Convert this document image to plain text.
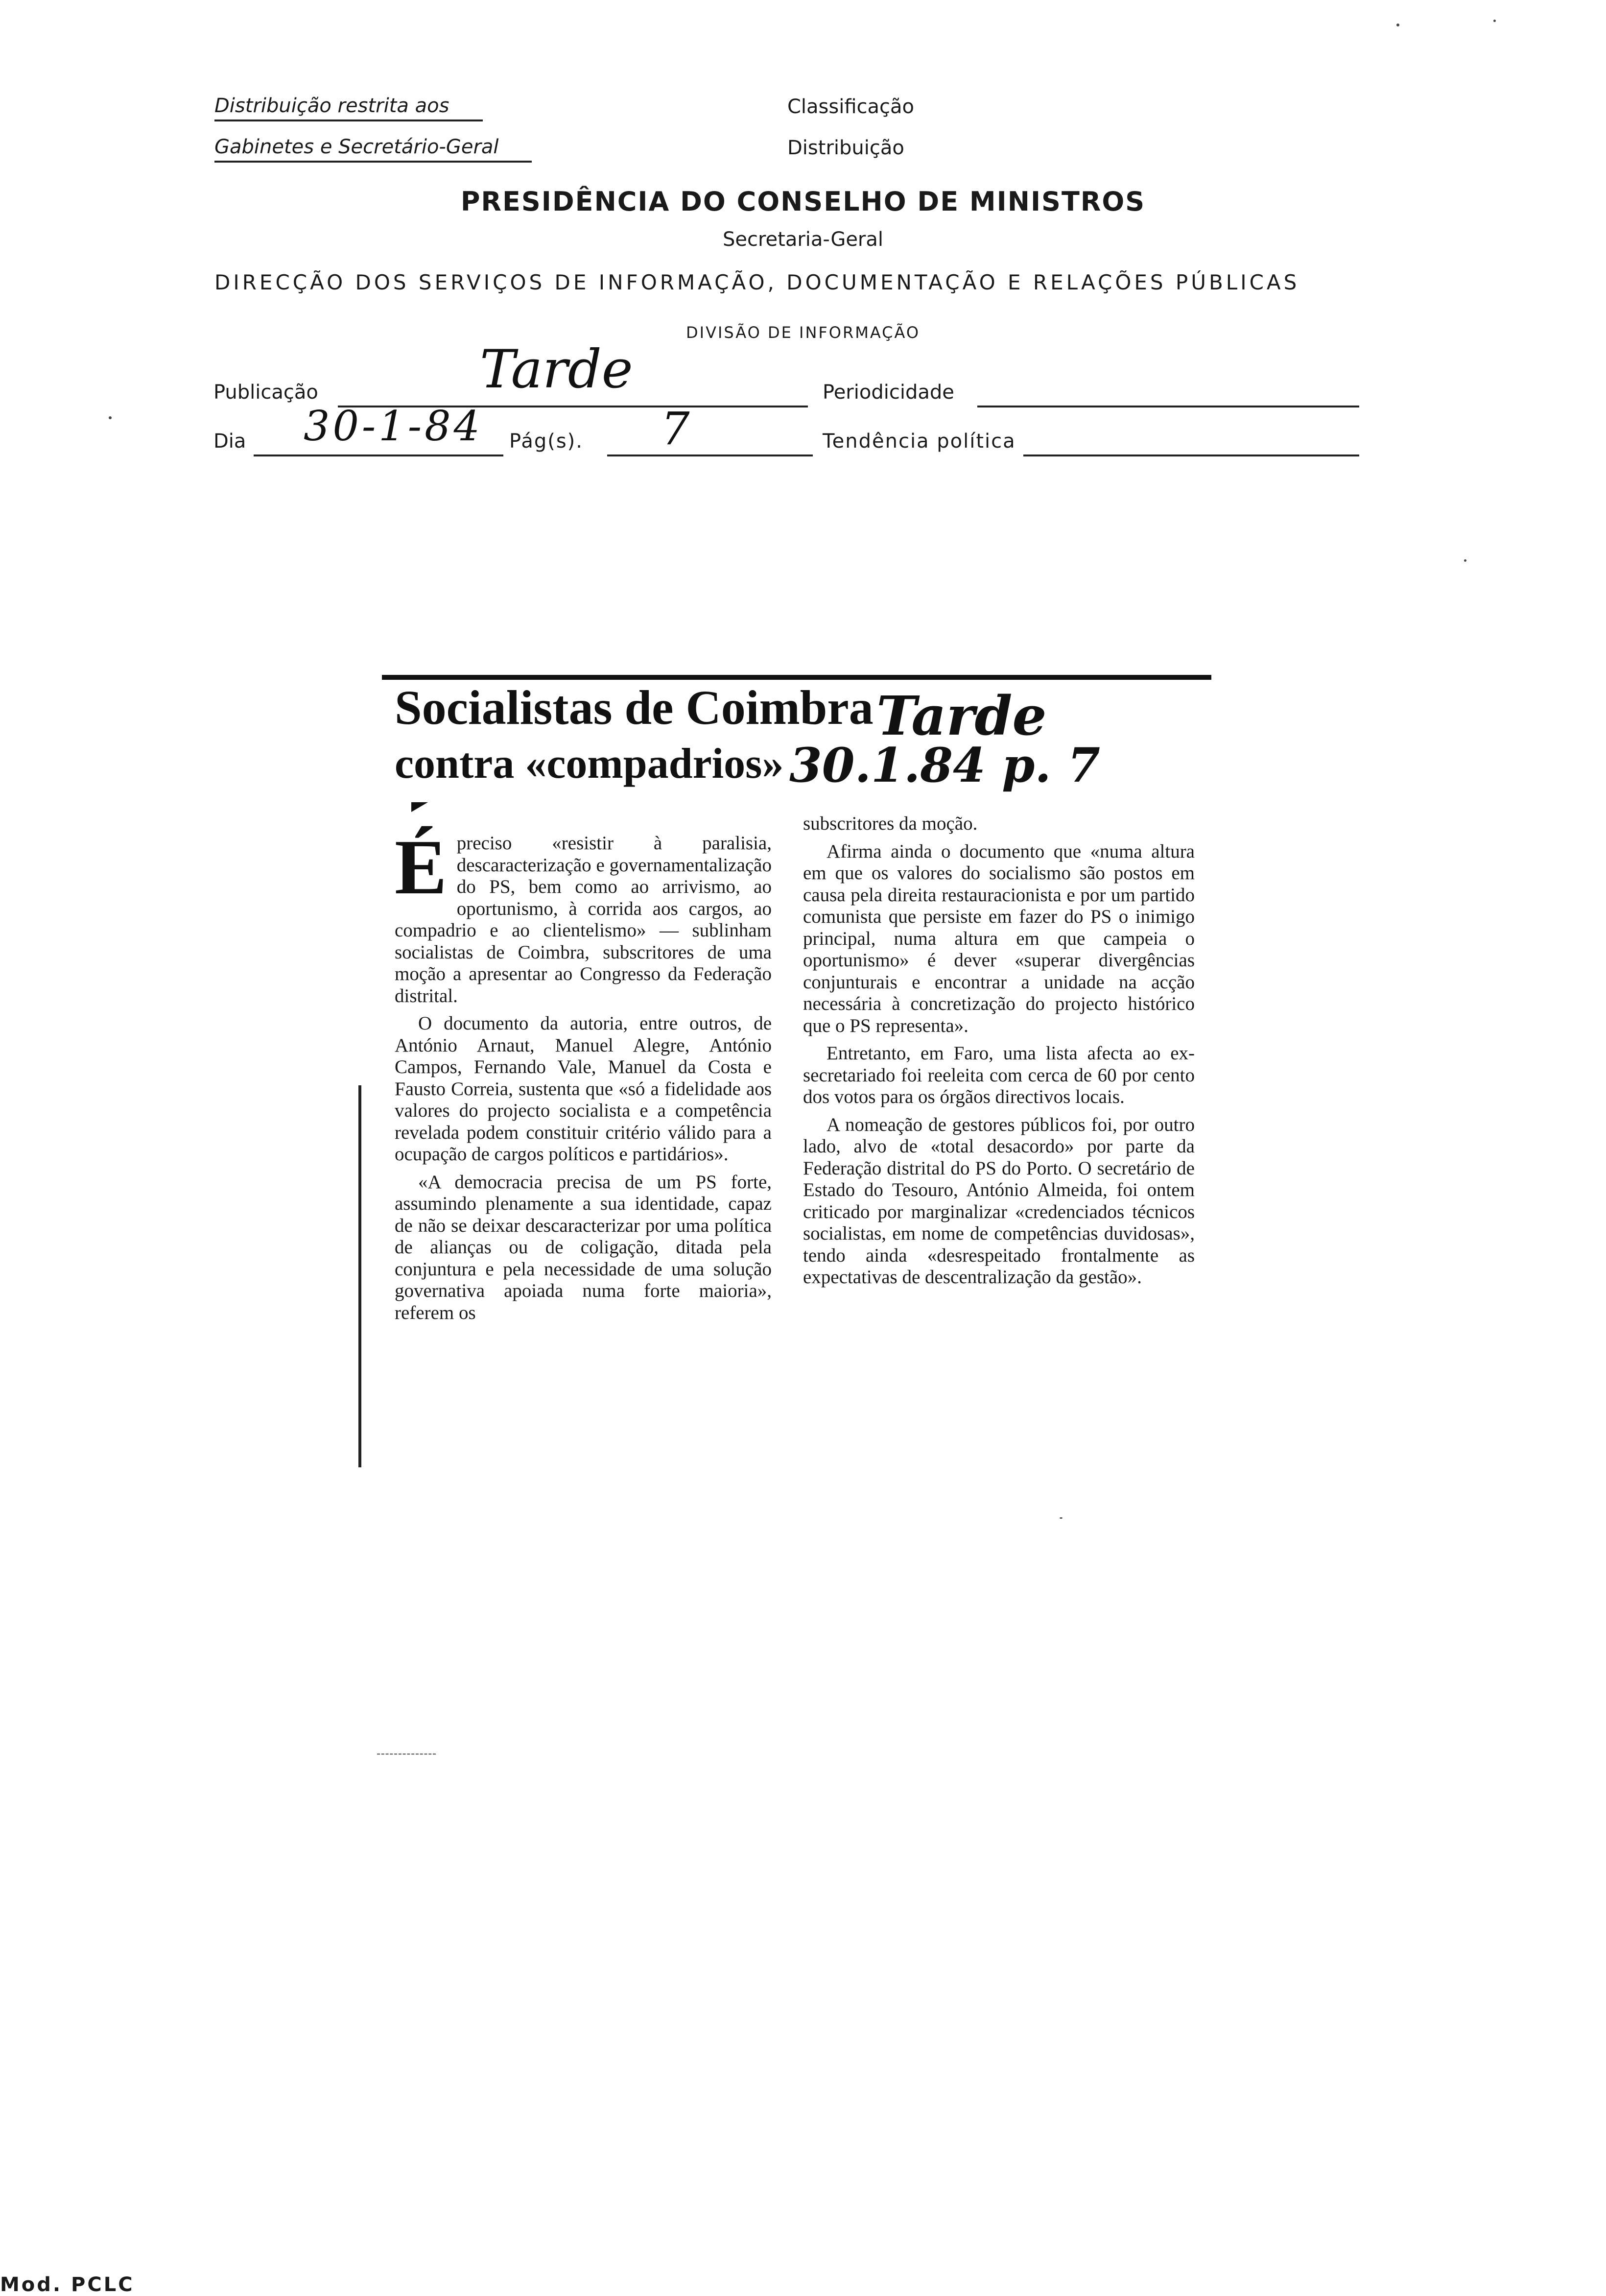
Distribuição restrita aos
Gabinetes e Secretário-Geral
Classificação
Distribuição
PRESIDÊNCIA DO CONSELHO DE MINISTROS
Secretaria-Geral
DIRECÇÃO DOS SERVIÇOS DE INFORMAÇÃO, DOCUMENTAÇÃO E RELAÇÕES PÚBLICAS
DIVISÃO DE INFORMAÇÃO
Publicação	Tarde	Periodicidade
Dia 30-1-84 Pág(s). 7	Tendência política
Socialistas de Coimbra
contra «compadrios»
Tarde
30.1.84 p. 7

Épreciso «resistir à paralisia, descaracterização e governamentalização do PS, bem como ao arrivismo, ao oportunismo, à corrida aos cargos, ao compadrio e ao clientelismo» — sublinham socialistas de Coimbra, subscritores de uma moção a apresentar ao Congresso da Federação distrital.

O documento da autoria, entre outros, de António Arnaut, Manuel Alegre, António Campos, Fernando Vale, Manuel da Costa e Fausto Correia, sustenta que «só a fidelidade aos valores do projecto socialista e a competência revelada podem constituir critério válido para a ocupação de cargos políticos e partidários».

«A democracia precisa de um PS forte, assumindo plenamente a sua identidade, capaz de não se deixar descaracterizar por uma política de alianças ou de coligação, ditada pela conjuntura e pela necessidade de uma solução governativa apoiada numa forte maioria», referem os

subscritores da moção.

Afirma ainda o documento que «numa altura em que os valores do socialismo são postos em causa pela direita restauracionista e por um partido comunista que persiste em fazer do PS o inimigo principal, numa altura em que campeia o oportunismo» é dever «superar divergências conjunturais e encontrar a unidade na acção necessária à concretização do projecto histórico que o PS representa».

Entretanto, em Faro, uma lista afecta ao ex-secretariado foi reeleita com cerca de 60 por cento dos votos para os órgãos directivos locais.

A nomeação de gestores públicos foi, por outro lado, alvo de «total desacordo» por parte da Federação distrital do PS do Porto. O secretário de Estado do Tesouro, António Almeida, foi ontem criticado por marginalizar «credenciados técnicos socialistas, em nome de competências duvidosas», tendo ainda «desrespeitado frontalmente as expectativas de descentralização da gestão».

Mod. PCLC
